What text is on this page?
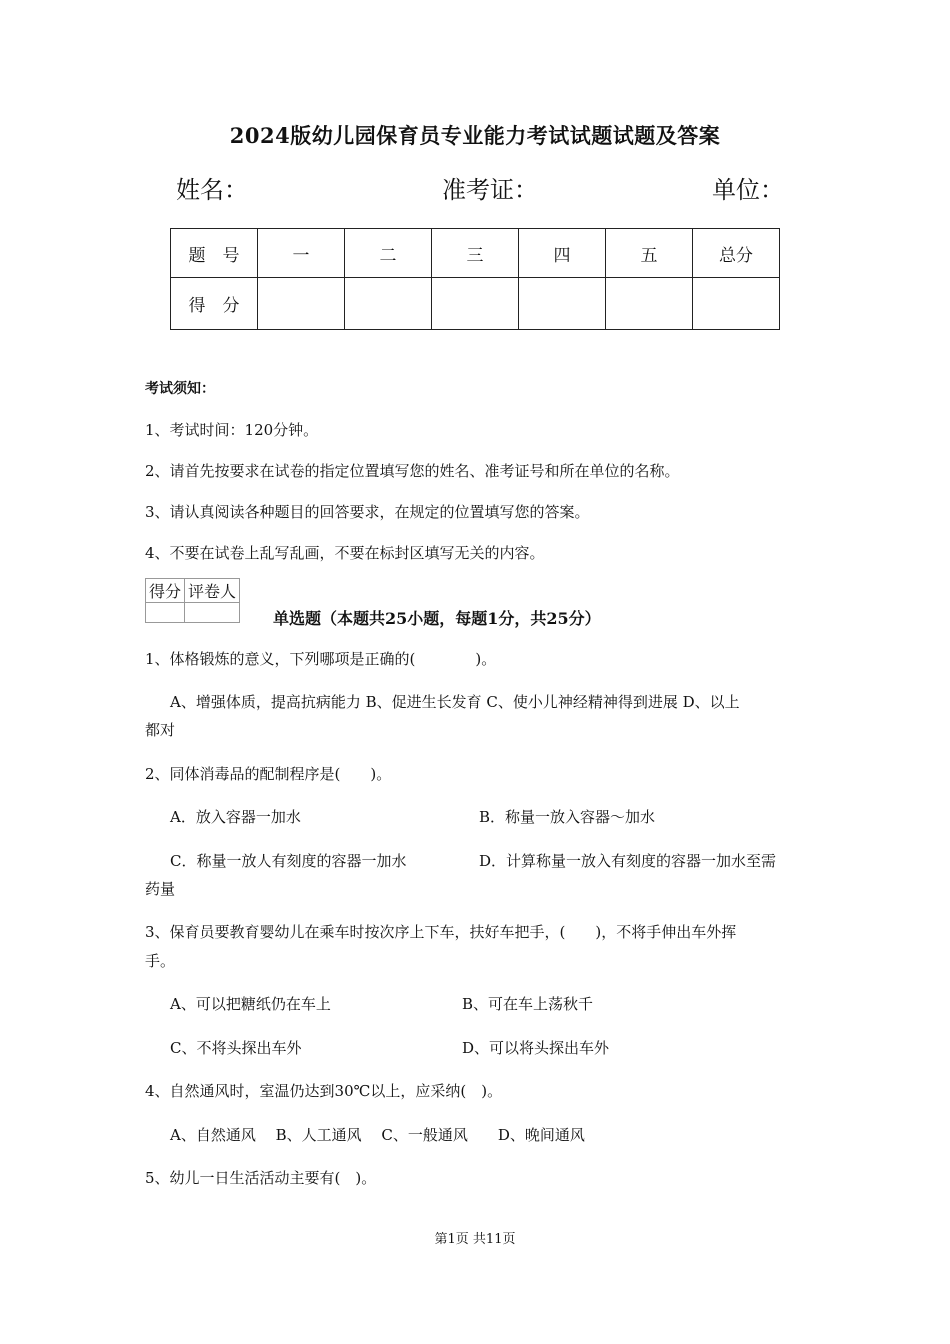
2024版幼儿园保育员专业能力考试试题试题及答案
姓名：	准考证：	单位：
题　号	一	二	三	四	五	总分
得　分						
考试须知：
1、考试时间：120分钟。
2、请首先按要求在试卷的指定位置填写您的姓名、准考证号和所在单位的名称。
3、请认真阅读各种题目的回答要求，在规定的位置填写您的答案。
4、不要在试卷上乱写乱画，不要在标封区填写无关的内容。
得分	评卷人

单选题（本题共25小题，每题1分，共25分）
1、体格锻炼的意义，下列哪项是正确的(　　　　)。
A、增强体质，提高抗病能力 B、促进生长发育 C、使小儿神经精神得到进展 D、以上
都对
2、同体消毒品的配制程序是(　　)。
A．放入容器一加水	B．称量一放入容器～加水
C．称量一放人有刻度的容器一加水	D．计算称量一放入有刻度的容器一加水至需
药量
3、保育员要教育婴幼儿在乘车时按次序上下车，扶好车把手，(　　)，不将手伸出车外挥
手。
A、可以把糖纸仍在车上	B、可在车上荡秋千
C、不将头探出车外	D、可以将头探出车外
4、自然通风时，室温仍达到30℃以上，应采纳(　)。
A、自然通风　 B、人工通风　 C、一般通风　　D、晚间通风
5、幼儿一日生活活动主要有(　)。
第1页 共11页
